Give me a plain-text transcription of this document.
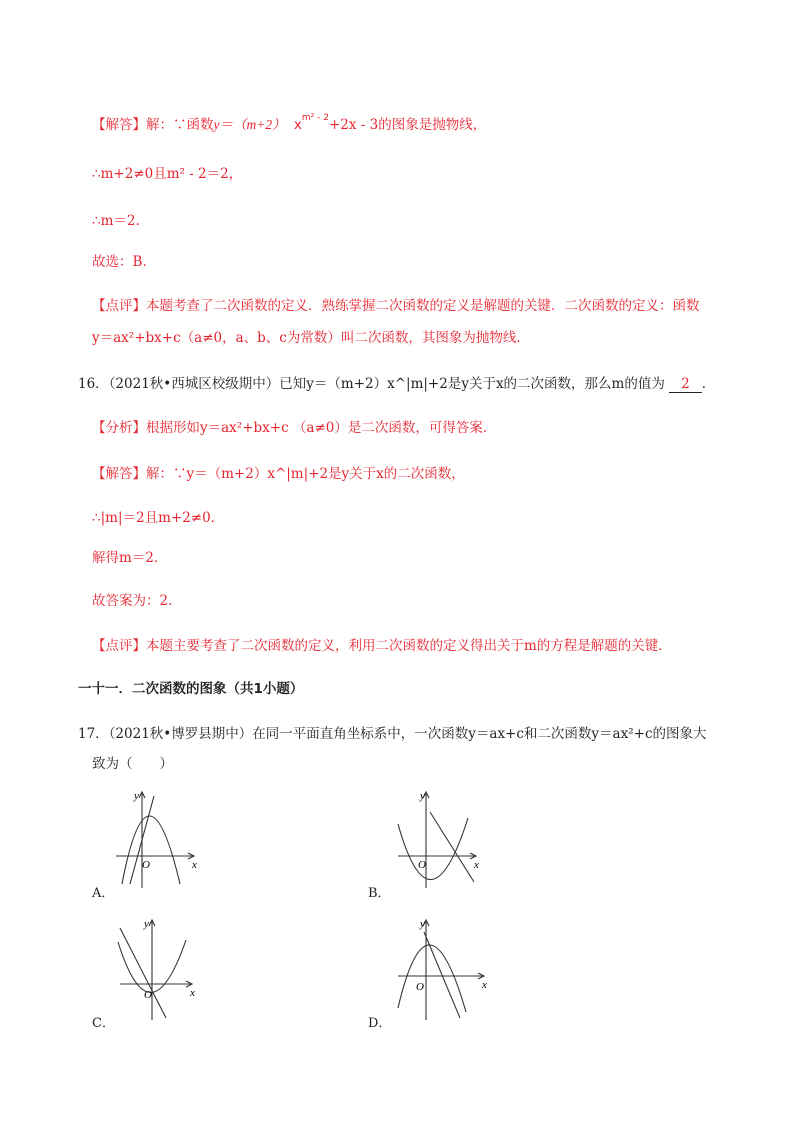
【解答】解：∵函数y＝（m+2） $x^{m^2 - 2}+2x - 3$的图象是抛物线，
∴m+2≠0且m² - 2＝2，
∴m＝2.
故选：B.
【点评】本题考查了二次函数的定义．熟练掌握二次函数的定义是解题的关键．二次函数的定义：函数
y＝ax²+bx+c（a≠0，a、b、c为常数）叫二次函数，其图象为抛物线．
16．（2021秋•西城区校级期中）已知y＝（m+2）x^|m|+2是y关于x的二次函数，那么m的值为 2 ．
【分析】根据形如y＝ax²+bx+c （a≠0）是二次函数，可得答案．
【解答】解：∵y＝（m+2）x^|m|+2是y关于x的二次函数，
∴|m|＝2且m+2≠0．
解得m＝2．
故答案为：2．
【点评】本题主要考查了二次函数的定义，利用二次函数的定义得出关于m的方程是解题的关键．
一十一．二次函数的图象（共1小题）
17．（2021秋•博罗县期中）在同一平面直角坐标系中，一次函数y＝ax+c和二次函数y＝ax²+c的图象大
致为（　　）
y
x
O
A．
y
x
O
B．
y
x
O
C．
y
x
O
D．
